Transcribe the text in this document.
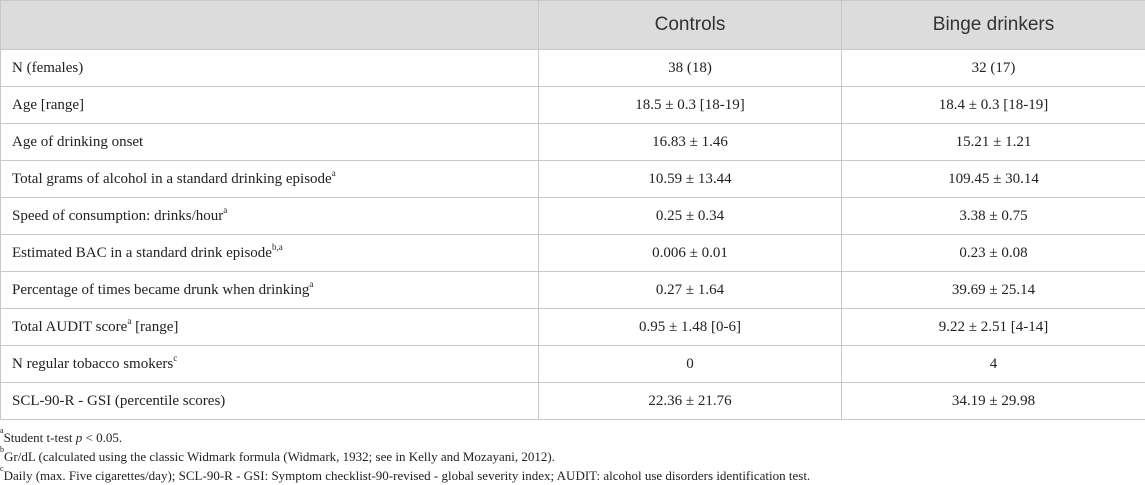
	Controls	Binge drinkers
N (females)	38 (18)	32 (17)
Age [range]	18.5 ± 0.3 [18-19]	18.4 ± 0.3 [18-19]
Age of drinking onset	16.83 ± 1.46	15.21 ± 1.21
Total grams of alcohol in a standard drinking episode$^a$	10.59 ± 13.44	109.45 ± 30.14
Speed of consumption: drinks/hour$^a$	0.25 ± 0.34	3.38 ± 0.75
Estimated BAC in a standard drink episode$^{b,a}$	0.006 ± 0.01	0.23 ± 0.08
Percentage of times became drunk when drinking$^a$	0.27 ± 1.64	39.69 ± 25.14
Total AUDIT score$^a$ [range]	0.95 ± 1.48 [0-6]	9.22 ± 2.51 [4-14]
N regular tobacco smokers$^c$	0	4
SCL-90-R - GSI (percentile scores)	22.36 ± 21.76	34.19 ± 29.98
$^a$Student t-test p < 0.05.
$^b$Gr/dL (calculated using the classic Widmark formula (Widmark, 1932; see in Kelly and Mozayani, 2012).
$^c$Daily (max. Five cigarettes/day); SCL-90-R - GSI: Symptom checklist-90-revised - global severity index; AUDIT: alcohol use disorders identification test.
